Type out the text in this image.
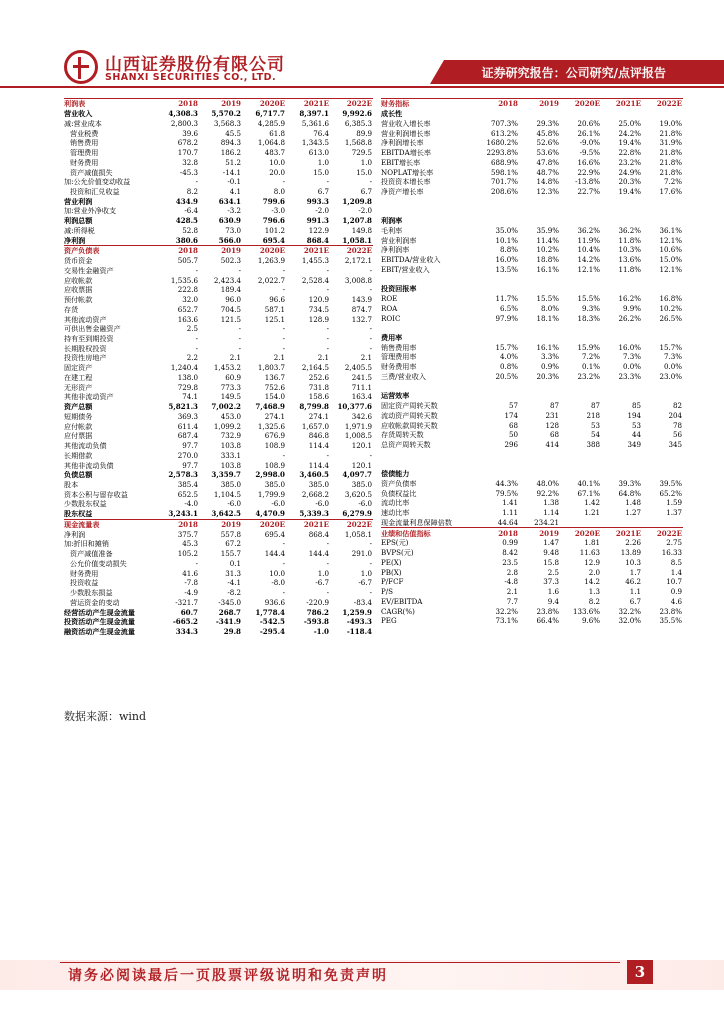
山西证券股份有限公司
SHANXI SECURITIES CO., LTD.	证券研究报告：公司研究/点评报告
利润表	2018	2019	2020E	2021E	2022E
营业收入	4,308.3	5,570.2	6,717.7	8,397.1	9,992.6
减:营业成本	2,800.3	3,568.3	4,285.9	5,361.6	6,385.3
营业税费	39.6	45.5	61.8	76.4	89.9
销售费用	678.2	894.3	1,064.8	1,343.5	1,568.8
管理费用	170.7	186.2	483.7	613.0	729.5
财务费用	32.8	51.2	10.0	1.0	1.0
资产减值损失	-45.3	-14.1	20.0	15.0	15.0
加:公允价值变动收益	-	-0.1	-	-	-
投资和汇兑收益	8.2	4.1	8.0	6.7	6.7
营业利润	434.9	634.1	799.6	993.3	1,209.8
加:营业外净收支	-6.4	-3.2	-3.0	-2.0	-2.0
利润总额	428.5	630.9	796.6	991.3	1,207.8
减:所得税	52.8	73.0	101.2	122.9	149.8
净利润	380.6	566.0	695.4	868.4	1,058.1
资产负债表	2018	2019	2020E	2021E	2022E
货币资金	505.7	502.3	1,263.9	1,455.3	2,172.1
交易性金融资产	-	-	-	-	-
应收帐款	1,535.6	2,423.4	2,022.7	2,528.4	3,008.8
应收票据	222.8	189.4	-	-	-
预付帐款	32.0	96.0	96.6	120.9	143.9
存货	652.7	704.5	587.1	734.5	874.7
其他流动资产	163.6	121.5	125.1	128.9	132.7
可供出售金融资产	2.5	-	-	-	-
持有至到期投资	-	-	-	-	-
长期股权投资	-	-	-	-	-
投资性房地产	2.2	2.1	2.1	2.1	2.1
固定资产	1,240.4	1,453.2	1,803.7	2,164.5	2,405.5
在建工程	138.0	60.9	136.7	252.6	241.5
无形资产	729.8	773.3	752.6	731.8	711.1
其他非流动资产	74.1	149.5	154.0	158.6	163.4
资产总额	5,821.3	7,002.2	7,468.9	8,799.8	10,377.6
短期债务	369.3	453.0	274.1	274.1	342.6
应付帐款	611.4	1,099.2	1,325.6	1,657.0	1,971.9
应付票据	687.4	732.9	676.9	846.8	1,008.5
其他流动负债	97.7	103.8	108.9	114.4	120.1
长期借款	270.0	333.1	-	-	-
其他非流动负债	97.7	103.8	108.9	114.4	120.1
负债总额	2,578.3	3,359.7	2,998.0	3,460.5	4,097.7
股本	385.4	385.0	385.0	385.0	385.0
资本公积与留存收益	652.5	1,104.5	1,799.9	2,668.2	3,620.5
少数股东权益	-4.0	-6.0	-6.0	-6.0	-6.0
股东权益	3,243.1	3,642.5	4,470.9	5,339.3	6,279.9
现金流量表	2018	2019	2020E	2021E	2022E
净利润	375.7	557.8	695.4	868.4	1,058.1
加:折旧和摊销	45.3	67.2	-	-	-
资产减值准备	105.2	155.7	144.4	144.4	291.0
公允价值变动损失	-	0.1	-	-	-
财务费用	41.6	31.3	10.0	1.0	1.0
投资收益	-7.8	-4.1	-8.0	-6.7	-6.7
少数股东损益	-4.9	-8.2	-	-	-
营运资金的变动	-321.7	-345.0	936.6	-220.9	-83.4
经营活动产生现金流量	60.7	268.7	1,778.4	786.2	1,259.9
投资活动产生现金流量	-665.2	-341.9	-542.5	-593.8	-493.3
融资活动产生现金流量	334.3	29.8	-295.4	-1.0	-118.4
财务指标	2018	2019	2020E	2021E	2022E
成长性					
营业收入增长率	707.3%	29.3%	20.6%	25.0%	19.0%
营业利润增长率	613.2%	45.8%	26.1%	24.2%	21.8%
净利润增长率	1680.2%	52.6%	-9.0%	19.4%	31.9%
EBITDA增长率	2293.8%	53.6%	-9.5%	22.8%	21.8%
EBIT增长率	688.9%	47.8%	16.6%	23.2%	21.8%
NOPLAT增长率	598.1%	48.7%	22.9%	24.9%	21.8%
投资资本增长率	701.7%	14.8%	-13.8%	20.3%	7.2%
净资产增长率	208.6%	12.3%	22.7%	19.4%	17.6%

利润率					
毛利率	35.0%	35.9%	36.2%	36.2%	36.1%
营业利润率	10.1%	11.4%	11.9%	11.8%	12.1%
净利润率	8.8%	10.2%	10.4%	10.3%	10.6%
EBITDA/营业收入	16.0%	18.8%	14.2%	13.6%	15.0%
EBIT/营业收入	13.5%	16.1%	12.1%	11.8%	12.1%

投资回报率					
ROE	11.7%	15.5%	15.5%	16.2%	16.8%
ROA	6.5%	8.0%	9.3%	9.9%	10.2%
ROIC	97.9%	18.1%	18.3%	26.2%	26.5%

费用率					
销售费用率	15.7%	16.1%	15.9%	16.0%	15.7%
管理费用率	4.0%	3.3%	7.2%	7.3%	7.3%
财务费用率	0.8%	0.9%	0.1%	0.0%	0.0%
三费/营业收入	20.5%	20.3%	23.2%	23.3%	23.0%

运营效率					
固定资产周转天数	57	87	87	85	82
流动资产周转天数	174	231	218	194	204
应收帐款周转天数	68	128	53	53	78
存货周转天数	50	68	54	44	56
总资产周转天数	296	414	388	349	345

偿债能力					
资产负债率	44.3%	48.0%	40.1%	39.3%	39.5%
负债权益比	79.5%	92.2%	67.1%	64.8%	65.2%
流动比率	1.41	1.38	1.42	1.48	1.59
速动比率	1.11	1.14	1.21	1.27	1.37
现金流量利息保障倍数	44.64	234.21			
业绩和估值指标	2018	2019	2020E	2021E	2022E
EPS(元)	0.99	1.47	1.81	2.26	2.75
BVPS(元)	8.42	9.48	11.63	13.89	16.33
PE(X)	23.5	15.8	12.9	10.3	8.5
PB(X)	2.8	2.5	2.0	1.7	1.4
P/FCF	-4.8	37.3	14.2	46.2	10.7
P/S	2.1	1.6	1.3	1.1	0.9
EV/EBITDA	7.7	9.4	8.2	6.7	4.6
CAGR(%)	32.2%	23.8%	133.6%	32.2%	23.8%
PEG	73.1%	66.4%	9.6%	32.0%	35.5%
数据来源：wind
请务必阅读最后一页股票评级说明和免责声明	3
